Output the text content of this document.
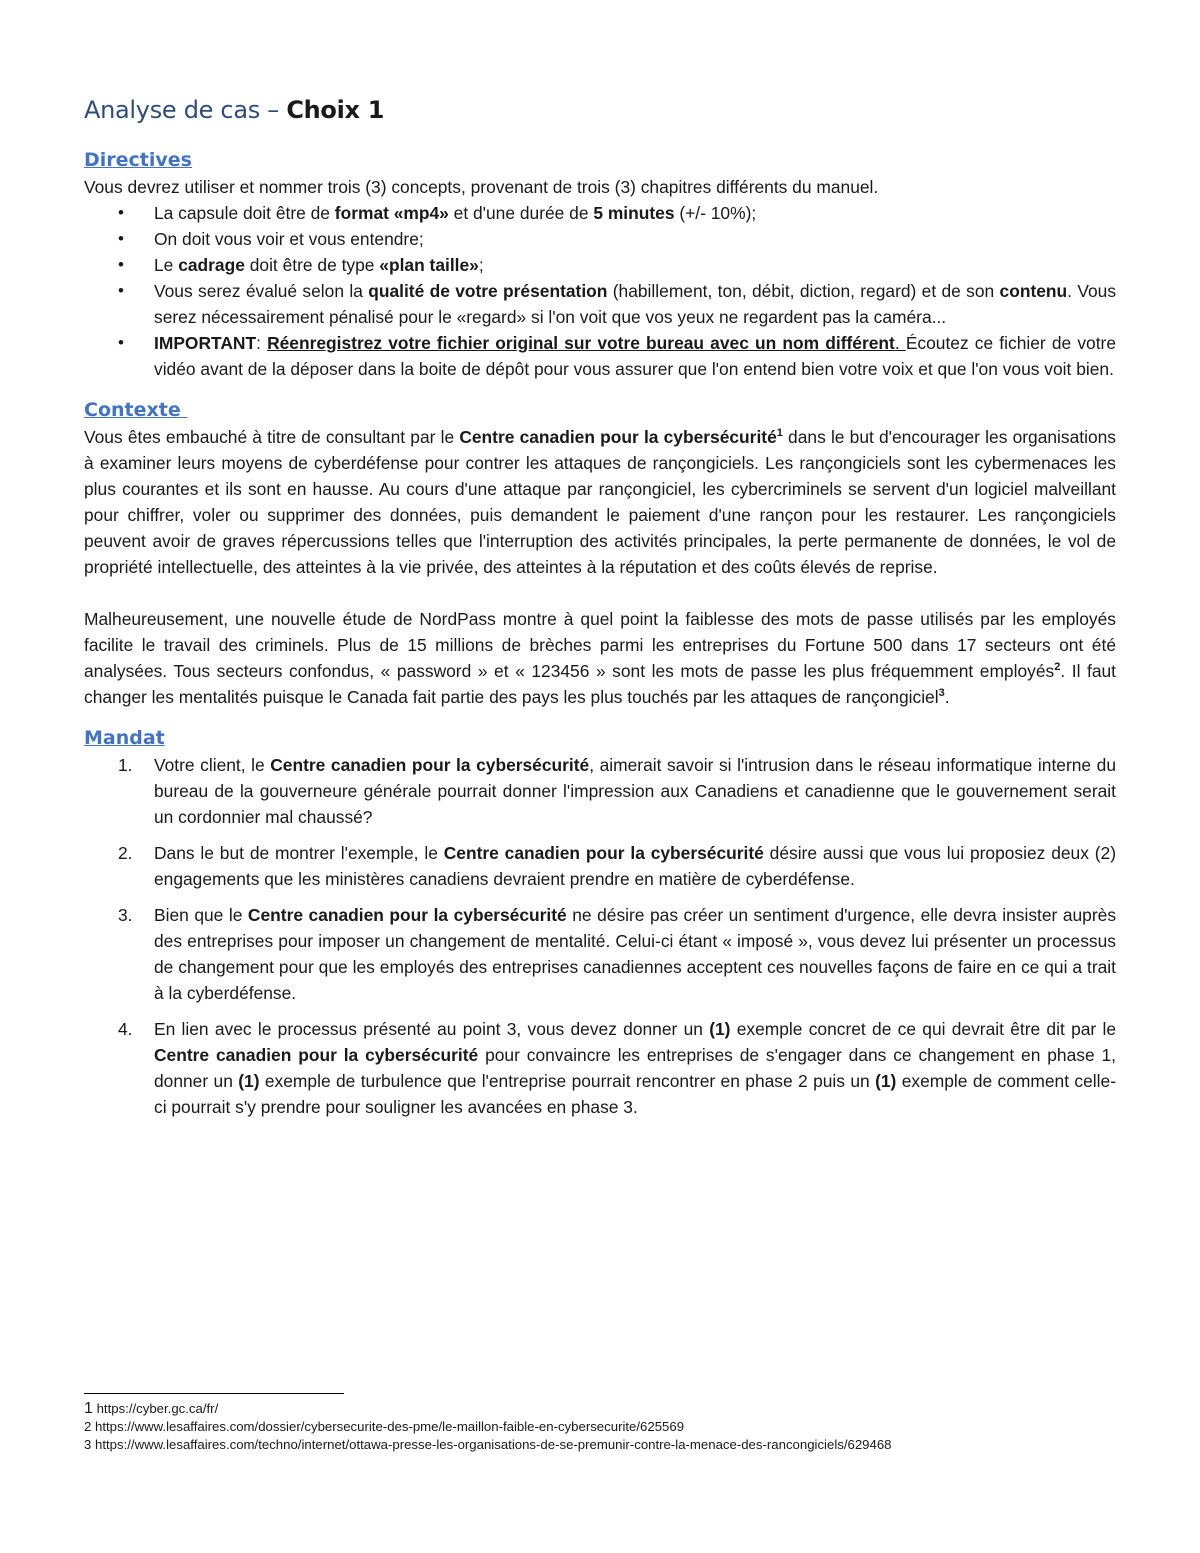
Analyse de cas – Choix 1
Directives

Vous devrez utiliser et nommer trois (3) concepts, provenant de trois (3) chapitres différents du manuel.

• La capsule doit être de format «mp4» et d'une durée de 5 minutes (+/- 10%);
• On doit vous voir et vous entendre;
• Le cadrage doit être de type «plan taille»;
• Vous serez évalué selon la qualité de votre présentation (habillement, ton, débit, diction, regard) et de son contenu. Vous serez nécessairement pénalisé pour le «regard» si l'on voit que vos yeux ne regardent pas la caméra...
• IMPORTANT: Réenregistrez votre fichier original sur votre bureau avec un nom différent. Écoutez ce fichier de votre vidéo avant de la déposer dans la boite de dépôt pour vous assurer que l'on entend bien votre voix et que l'on vous voit bien.
Contexte

Vous êtes embauché à titre de consultant par le Centre canadien pour la cybersécurité$^1$ dans le but d'encourager les organisations à examiner leurs moyens de cyberdéfense pour contrer les attaques de rançongiciels. Les rançongiciels sont les cybermenaces les plus courantes et ils sont en hausse. Au cours d'une attaque par rançongiciel, les cybercriminels se servent d'un logiciel malveillant pour chiffrer, voler ou supprimer des données, puis demandent le paiement d'une rançon pour les restaurer. Les rançongiciels peuvent avoir de graves répercussions telles que l'interruption des activités principales, la perte permanente de données, le vol de propriété intellectuelle, des atteintes à la vie privée, des atteintes à la réputation et des coûts élevés de reprise.

Malheureusement, une nouvelle étude de NordPass montre à quel point la faiblesse des mots de passe utilisés par les employés facilite le travail des criminels. Plus de 15 millions de brèches parmi les entreprises du Fortune 500 dans 17 secteurs ont été analysées. Tous secteurs confondus, « password » et « 123456 » sont les mots de passe les plus fréquemment employés$^2$. Il faut changer les mentalités puisque le Canada fait partie des pays les plus touchés par les attaques de rançongiciel$^3$.

Mandat
1. Votre client, le Centre canadien pour la cybersécurité, aimerait savoir si l'intrusion dans le réseau informatique interne du bureau de la gouverneure générale pourrait donner l'impression aux Canadiens et canadienne que le gouvernement serait un cordonnier mal chaussé?
2. Dans le but de montrer l'exemple, le Centre canadien pour la cybersécurité désire aussi que vous lui proposiez deux (2) engagements que les ministères canadiens devraient prendre en matière de cyberdéfense.
3. Bien que le Centre canadien pour la cybersécurité ne désire pas créer un sentiment d'urgence, elle devra insister auprès des entreprises pour imposer un changement de mentalité. Celui-ci étant « imposé », vous devez lui présenter un processus de changement pour que les employés des entreprises canadiennes acceptent ces nouvelles façons de faire en ce qui a trait à la cyberdéfense.
4. En lien avec le processus présenté au point 3, vous devez donner un (1) exemple concret de ce qui devrait être dit par le Centre canadien pour la cybersécurité pour convaincre les entreprises de s'engager dans ce changement en phase 1, donner un (1) exemple de turbulence que l'entreprise pourrait rencontrer en phase 2 puis un (1) exemple de comment celle-ci pourrait s'y prendre pour souligner les avancées en phase 3.
1 https://cyber.gc.ca/fr/
2 https://www.lesaffaires.com/dossier/cybersecurite-des-pme/le-maillon-faible-en-cybersecurite/625569
3 https://www.lesaffaires.com/techno/internet/ottawa-presse-les-organisations-de-se-premunir-contre-la-menace-des-rancongiciels/629468
